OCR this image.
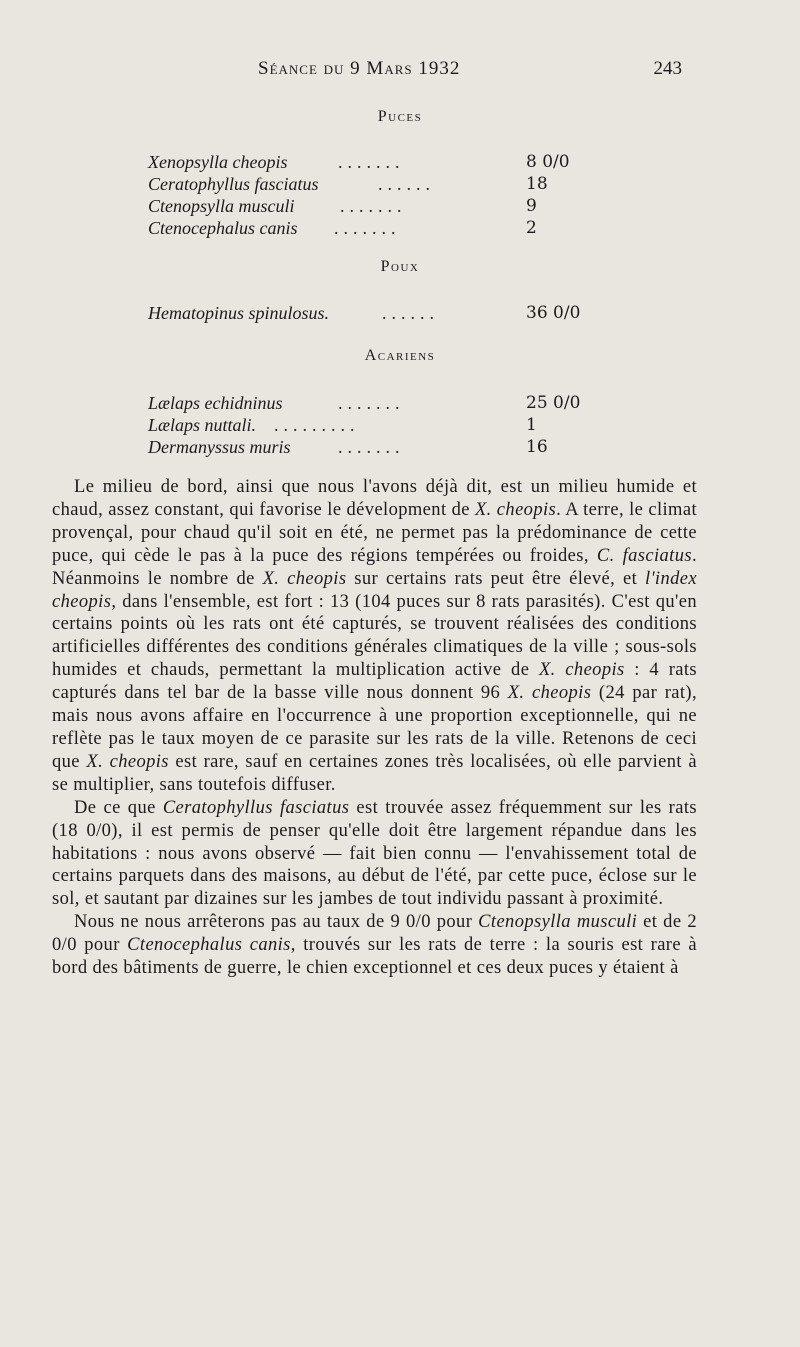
Séance du 9 Mars 1932	243
Puces
Xenopsylla cheopis	.......	8 0/0
Ceratophyllus fasciatus	......	18
Ctenopsylla musculi	.......	9
Ctenocephalus canis .......	2
Poux
Hematopinus spinulosus.	......	36 0/0
Acariens
Lælaps echidninus	.......	25 0/0
Lælaps nuttali. .........	1
Dermanyssus muris	.......	16

Le milieu de bord, ainsi que nous l'avons déjà dit, est un milieu humide et chaud, assez constant, qui favorise le dévelopment de X. cheopis. A terre, le climat provençal, pour chaud qu'il soit en été, ne permet pas la prédominance de cette puce, qui cède le pas à la puce des régions tempérées ou froides, C. fasciatus. Néanmoins le nombre de X. cheopis sur certains rats peut être élevé, et l'index cheopis, dans l'ensemble, est fort : 13 (104 puces sur 8 rats parasités). C'est qu'en certains points où les rats ont été capturés, se trouvent réalisées des conditions artificielles différentes des conditions générales climatiques de la ville ; sous-sols humides et chauds, permettant la multiplication active de X. cheopis : 4 rats capturés dans tel bar de la basse ville nous donnent 96 X. cheopis (24 par rat), mais nous avons affaire en l'occurrence à une proportion exceptionnelle, qui ne reflète pas le taux moyen de ce parasite sur les rats de la ville. Retenons de ceci que X. cheopis est rare, sauf en certaines zones très localisées, où elle parvient à se multiplier, sans toutefois diffuser.

De ce que Ceratophyllus fasciatus est trouvée assez fréquemment sur les rats (18 0/0), il est permis de penser qu'elle doit être largement répandue dans les habitations : nous avons observé — fait bien connu — l'envahissement total de certains parquets dans des maisons, au début de l'été, par cette puce, éclose sur le sol, et sautant par dizaines sur les jambes de tout individu passant à proximité.

Nous ne nous arrêterons pas au taux de 9 0/0 pour Ctenopsylla musculi et de 2 0/0 pour Ctenocephalus canis, trouvés sur les rats de terre : la souris est rare à bord des bâtiments de guerre, le chien exceptionnel et ces deux puces y étaient à
